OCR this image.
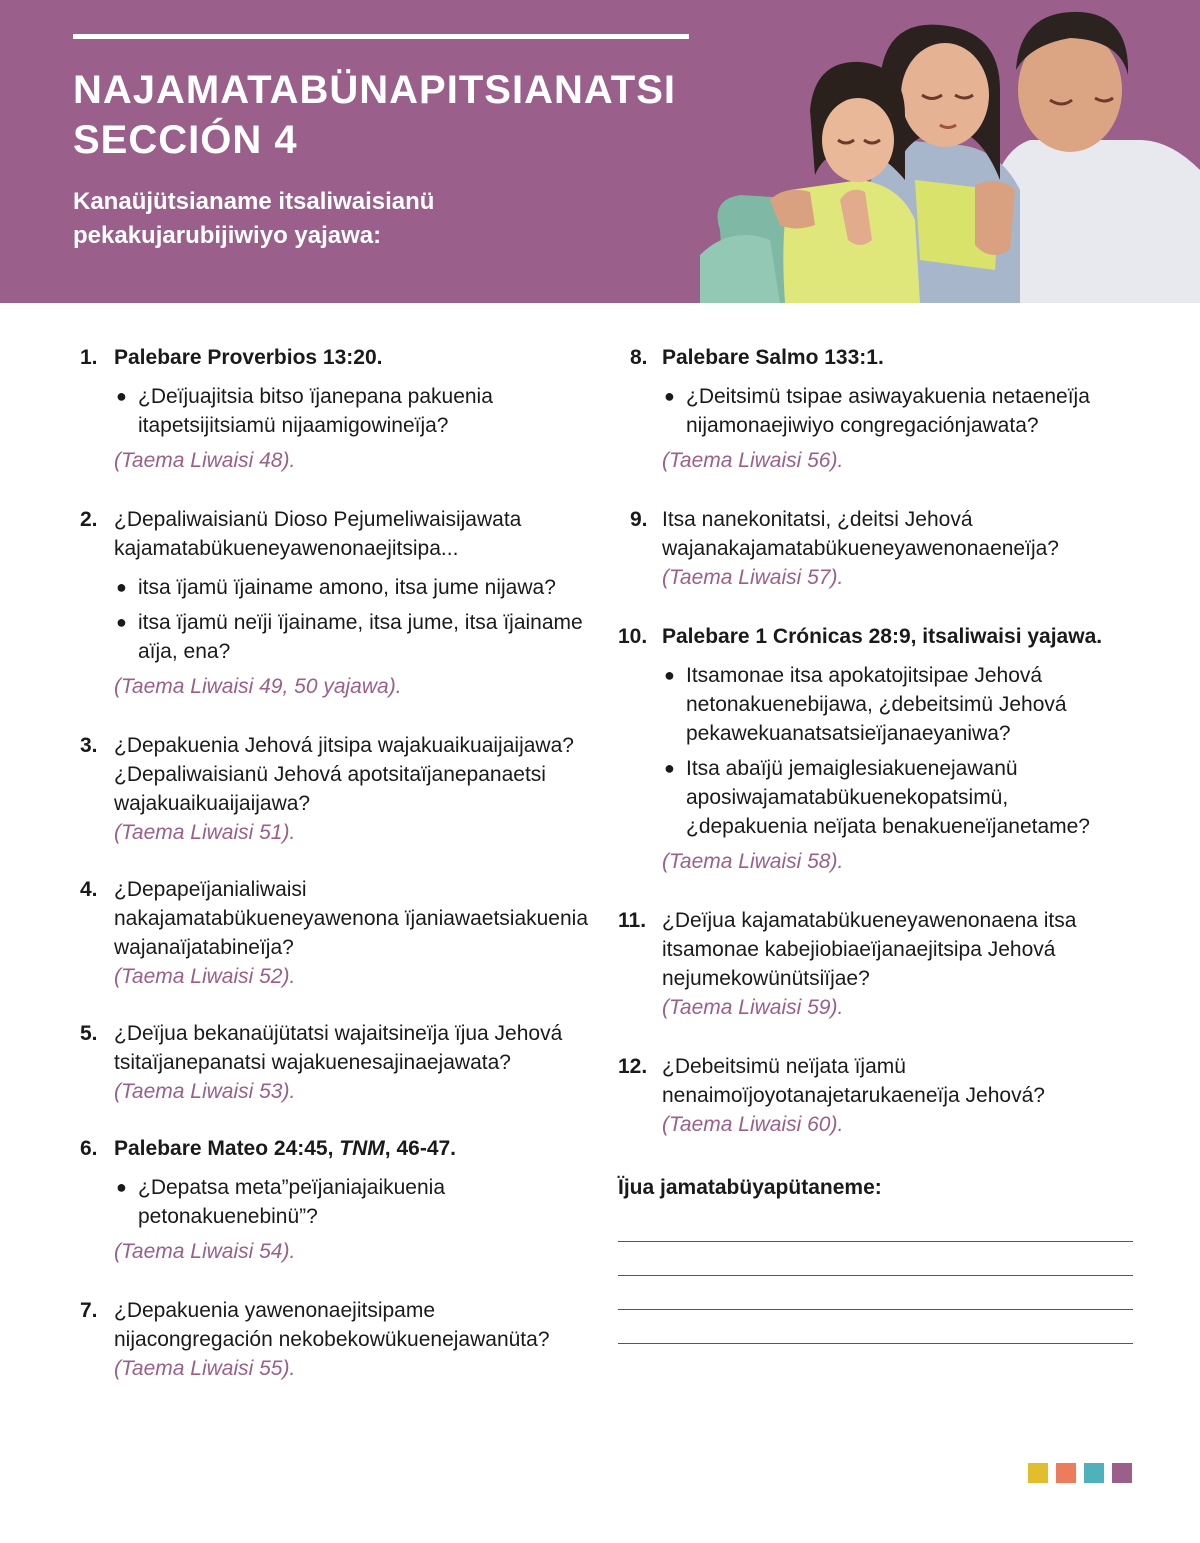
NAJAMATABÜNAPITSIANATSI
SECCIÓN 4

Kanaüjütsianame itsaliwaisianü pekakujarubijiwiyo yajawa:

1. Palebare Proverbios 13:20.
● ¿Deïjuajitsia bitso ïjanepana pakuenia itapetsijitsiamü nijaamigowineïja?
(Taema Liwaisi 48).
2. ¿Depaliwaisianü Dioso Pejumeliwaisijawata kajamatabükueneyawenonaejitsipa...
● itsa ïjamü ïjainame amono, itsa jume nijawa?
● itsa ïjamü neïji ïjainame, itsa jume, itsa ïjainame aïja, ena?
(Taema Liwaisi 49, 50 yajawa).
3. ¿Depakuenia Jehová jitsipa wajakuaikuaijaijawa? ¿Depaliwaisianü Jehová apotsitaïjanepanaetsi wajakuaikuaijaijawa?
(Taema Liwaisi 51).
4. ¿Depapeïjanialiwaisi nakajamatabükueneyawenona ïjaniawaetsiakuenia wajanaïjatabineïja?
(Taema Liwaisi 52).
5. ¿Deïjua bekanaüjütatsi wajaitsineïja ïjua Jehová tsitaïjanepanatsi wajakuenesajinaejawata?
(Taema Liwaisi 53).
6. Palebare Mateo 24:45, TNM, 46-47.
● ¿Depatsa meta”peïjaniajaikuenia petonakuenebinü”?
(Taema Liwaisi 54).
7. ¿Depakuenia yawenonaejitsipame nijacongregación nekobekowükuenejawanüta?
(Taema Liwaisi 55).
8. Palebare Salmo 133:1.
● ¿Deitsimü tsipae asiwayakuenia netaeneïja nijamonaejiwiyo congregaciónjawata?
(Taema Liwaisi 56).
9. Itsa nanekonitatsi, ¿deitsi Jehová wajanakajamatabükueneyawenonaeneïja?
(Taema Liwaisi 57).
10. Palebare 1 Crónicas 28:9, itsaliwaisi yajawa.
● Itsamonae itsa apokatojitsipae Jehová netonakuenebijawa, ¿debeitsimü Jehová pekawekuanatsatsieïjanaeyaniwa?
● Itsa abaïjü jemaiglesiakuenejawanü aposiwajamatabükuenekopatsimü, ¿depakuenia neïjata benakueneïjanetame?
(Taema Liwaisi 58).
11. ¿Deïjua kajamatabükueneyawenonaena itsa itsamonae kabejiobiaeïjanaejitsipa Jehová nejumekowünütsiïjae?
(Taema Liwaisi 59).
12. ¿Debeitsimü neïjata ïjamü nenaimoïjoyotanajetarukaeneïja Jehová?
(Taema Liwaisi 60).
Ïjua jamatabüyapütaneme:
